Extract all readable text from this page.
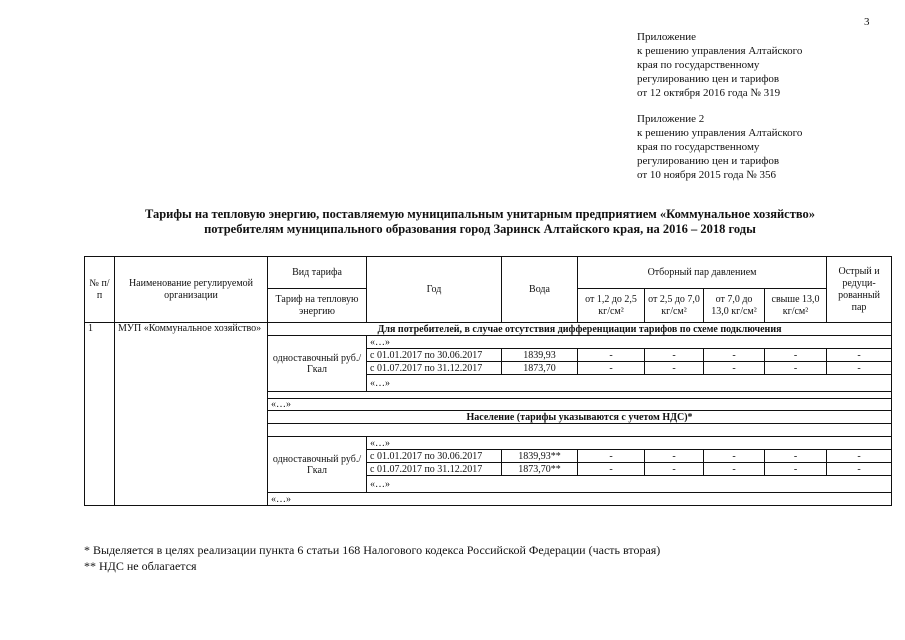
3
Приложение
к решению управления Алтайского
края по государственному
регулированию цен и тарифов
от 12 октября 2016 года № 319
Приложение 2
к решению управления Алтайского
края по государственному
регулированию цен и тарифов
от 10 ноября 2015 года № 356
Тарифы на тепловую энергию, поставляемую муниципальным унитарным предприятием «Коммунальное хозяйство»
потребителям муниципального образования город Заринск Алтайского края, на 2016 – 2018 годы
№ п/п	Наименование регулируемой организации	Вид тарифа	Год	Вода	Отборный пар давлением				Острый и редуци-рованный пар
		Тариф на тепловую энергию			от 1,2 до 2,5 кг/см²	от 2,5 до 7,0 кг/см²	от 7,0 до 13,0 кг/см²	свыше 13,0 кг/см²	
1	МУП «Коммунальное хозяйство»	Для потребителей, в случае отсутствия дифференциации тарифов по схеме подключения							
		одноставочный руб./Гкал	«…»						
			с 01.01.2017 по 30.06.2017	1839,93	-	-	-	-	-
			с 01.07.2017 по 31.12.2017	1873,70	-	-	-	-	-
			«…»						

		«…»							
		Население (тарифы указываются с учетом НДС)*							

		одноставочный руб./Гкал	«…»						
			с 01.01.2017 по 30.06.2017	1839,93**	-	-	-	-	-
			с 01.07.2017 по 31.12.2017	1873,70**	-	-	-	-	-
			«…»						
		«…»							
* Выделяется в целях реализации пункта 6 статьи 168 Налогового кодекса Российской Федерации (часть вторая)
** НДС не облагается
